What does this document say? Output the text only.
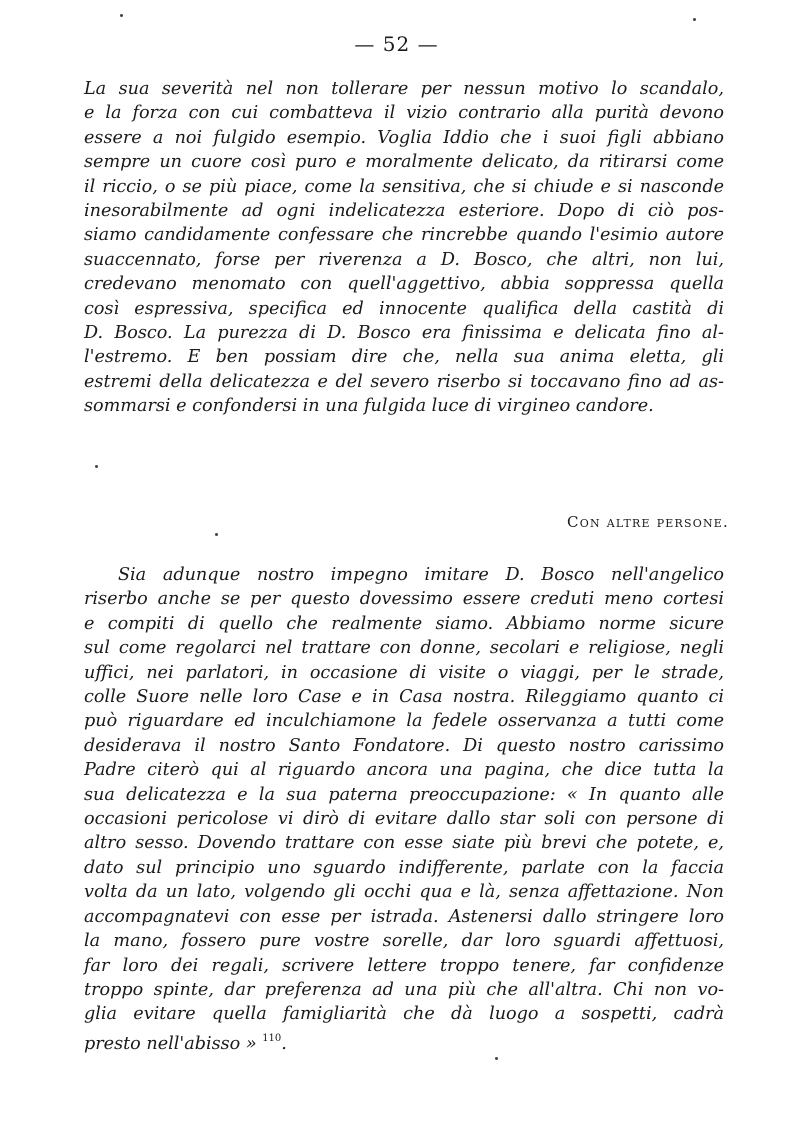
— 52 —
La sua severità nel non tollerare per nessun motivo lo scandalo,
e la forza con cui combatteva il vizio contrario alla purità devono
essere a noi fulgido esempio. Voglia Iddio che i suoi figli abbiano
sempre un cuore così puro e moralmente delicato, da ritirarsi come
il riccio, o se più piace, come la sensitiva, che si chiude e si nasconde
inesorabilmente ad ogni indelicatezza esteriore. Dopo di ciò pos-
siamo candidamente confessare che rincrebbe quando l'esimio autore
suaccennato, forse per riverenza a D. Bosco, che altri, non lui,
credevano menomato con quell'aggettivo, abbia soppressa quella
così espressiva, specifica ed innocente qualifica della castità di
D. Bosco. La purezza di D. Bosco era finissima e delicata fino al-
l'estremo. E ben possiam dire che, nella sua anima eletta, gli
estremi della delicatezza e del severo riserbo si toccavano fino ad as-
sommarsi e confondersi in una fulgida luce di virgineo candore.
Con altre persone.
Sia adunque nostro impegno imitare D. Bosco nell'angelico
riserbo anche se per questo dovessimo essere creduti meno cortesi
e compiti di quello che realmente siamo. Abbiamo norme sicure
sul come regolarci nel trattare con donne, secolari e religiose, negli
uffici, nei parlatori, in occasione di visite o viaggi, per le strade,
colle Suore nelle loro Case e in Casa nostra. Rileggiamo quanto ci
può riguardare ed inculchiamone la fedele osservanza a tutti come
desiderava il nostro Santo Fondatore. Di questo nostro carissimo
Padre citerò qui al riguardo ancora una pagina, che dice tutta la
sua delicatezza e la sua paterna preoccupazione: « In quanto alle
occasioni pericolose vi dirò di evitare dallo star soli con persone di
altro sesso. Dovendo trattare con esse siate più brevi che potete, e,
dato sul principio uno sguardo indifferente, parlate con la faccia
volta da un lato, volgendo gli occhi qua e là, senza affettazione. Non
accompagnatevi con esse per istrada. Astenersi dallo stringere loro
la mano, fossero pure vostre sorelle, dar loro sguardi affettuosi,
far loro dei regali, scrivere lettere troppo tenere, far confidenze
troppo spinte, dar preferenza ad una più che all'altra. Chi non vo-
glia evitare quella famigliarità che dà luogo a sospetti, cadrà
presto nell'abisso » $^{110}$.
